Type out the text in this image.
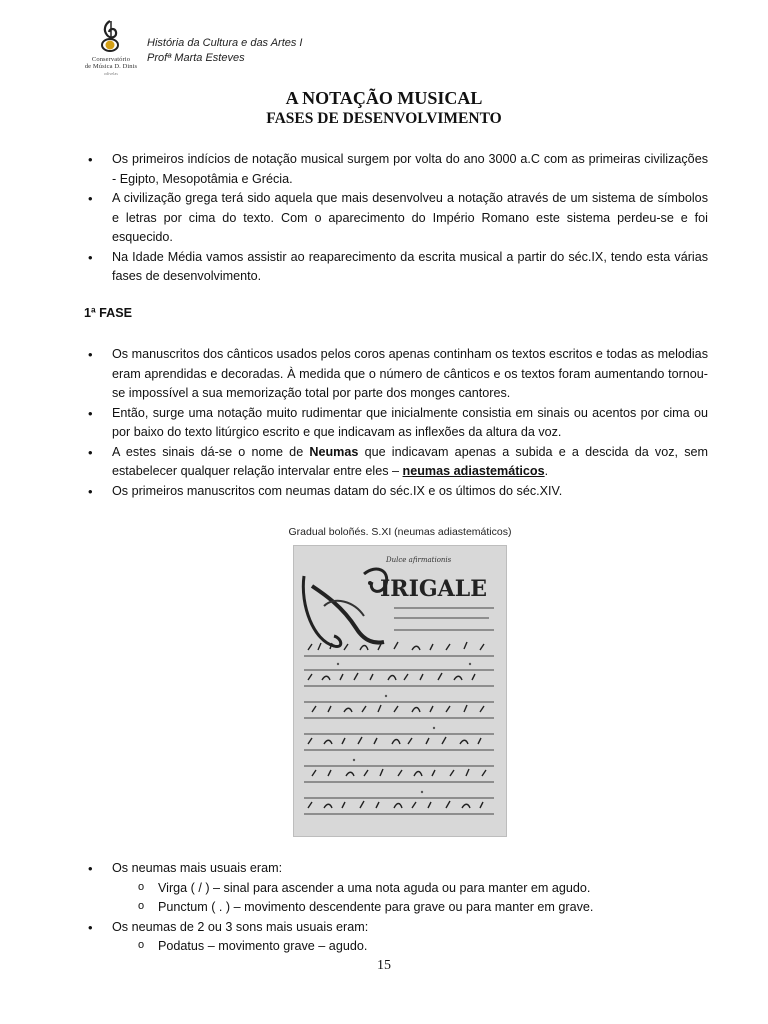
Conservatório
de Música D. Dinis
odivelas
História da Cultura e das Artes I
Profª Marta Esteves
A NOTAÇÃO MUSICAL
FASES DE DESENVOLVIMENTO
• Os primeiros indícios de notação musical surgem por volta do ano 3000 a.C com as primeiras civilizações - Egipto, Mesopotâmia e Grécia.
• A civilização grega terá sido aquela que mais desenvolveu a notação através de um sistema de símbolos e letras por cima do texto. Com o aparecimento do Império Romano este sistema perdeu-se e foi esquecido.
• Na Idade Média vamos assistir ao reaparecimento da escrita musical a partir do séc.IX, tendo esta várias fases de desenvolvimento.
1ª FASE
• Os manuscritos dos cânticos usados pelos coros apenas continham os textos escritos e todas as melodias eram aprendidas e decoradas. À medida que o número de cânticos e os textos foram aumentando tornou-se impossível a sua memorização total por parte dos monges cantores.
• Então, surge uma notação muito rudimentar que inicialmente consistia em sinais ou acentos por cima ou por baixo do texto litúrgico escrito e que indicavam as inflexões da altura da voz.
• A estes sinais dá-se o nome de Neumas que indicavam apenas a subida e a descida da voz, sem estabelecer qualquer relação intervalar entre eles – neumas adiastemáticos.
• Os primeiros manuscritos com neumas datam do séc.IX e os últimos do séc.XIV.
Gradual boloñés. S.XI (neumas adiastemáticos)
Dulce afirmationis
IRIGALE
• Os neumas mais usuais eram:
o Virga ( / ) – sinal para ascender a uma nota aguda ou para manter em agudo.
o Punctum ( . ) – movimento descendente para grave ou para manter em grave.
• Os neumas de 2 ou 3 sons mais usuais eram:
o Podatus – movimento grave – agudo.
15
